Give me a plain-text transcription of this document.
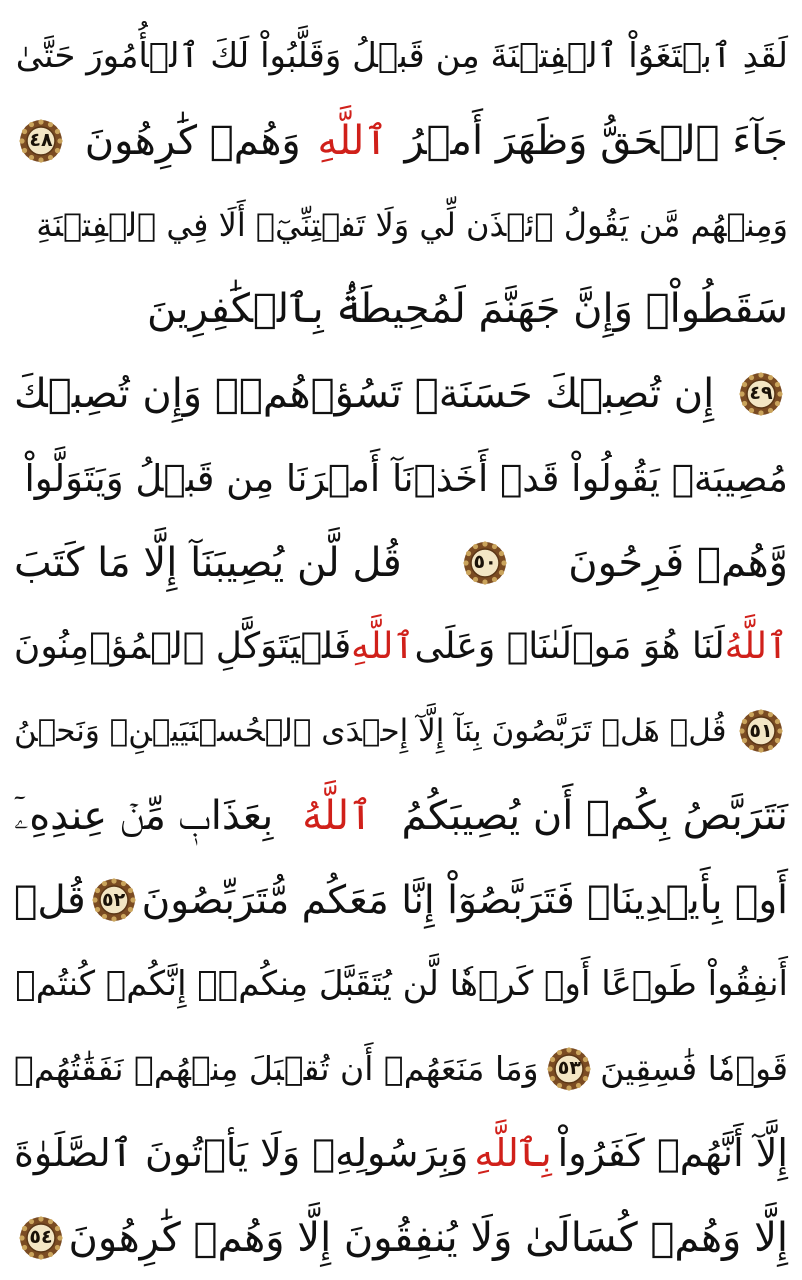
لَقَدِ ٱبۡتَغَوُاْ ٱلۡفِتۡنَةَ مِن قَبۡلُ وَقَلَّبُواْ لَكَ ٱلۡأُمُورَ حَتَّىٰ
جَآءَ ٱلۡحَقُّ وَظَهَرَ أَمۡرُ
ٱللَّهِ
وَهُمۡ كَٰرِهُونَ
٤٨
وَمِنۡهُم مَّن يَقُولُ ٱئۡذَن لِّي وَلَا تَفۡتِنِّيٓۚ أَلَا فِي ٱلۡفِتۡنَةِ
سَقَطُواْۗ وَإِنَّ جَهَنَّمَ لَمُحِيطَةُۢ بِٱلۡكَٰفِرِينَ
٤٩
إِن تُصِبۡكَ حَسَنَةٞ تَسُؤۡهُمۡۖ وَإِن تُصِبۡكَ
مُصِيبَةٞ يَقُولُواْ قَدۡ أَخَذۡنَآ أَمۡرَنَا مِن قَبۡلُ وَيَتَوَلَّواْ
وَّهُمۡ فَرِحُونَ
٥٠
قُل لَّن يُصِيبَنَآ إِلَّا مَا كَتَبَ
ٱللَّهُ
لَنَا هُوَ مَوۡلَىٰنَاۚ وَعَلَى
ٱللَّهِ
فَلۡيَتَوَكَّلِ ٱلۡمُؤۡمِنُونَ
٥١
قُلۡ هَلۡ تَرَبَّصُونَ بِنَآ إِلَّآ إِحۡدَى ٱلۡحُسۡنَيَيۡنِۖ وَنَحۡنُ
نَتَرَبَّصُ بِكُمۡ أَن يُصِيبَكُمُ
ٱللَّهُ
بِعَذَابٖ مِّنۡ عِندِهِۦٓ
أَوۡ بِأَيۡدِينَاۖ فَتَرَبَّصُوٓاْ إِنَّا مَعَكُم مُّتَرَبِّصُونَ
٥٢
قُلۡ
أَنفِقُواْ طَوۡعًا أَوۡ كَرۡهٗا لَّن يُتَقَبَّلَ مِنكُمۡۖ إِنَّكُمۡ كُنتُمۡ
قَوۡمٗا فَٰسِقِينَ
٥٣
وَمَا مَنَعَهُمۡ أَن تُقۡبَلَ مِنۡهُمۡ نَفَقَٰتُهُمۡ
إِلَّآ أَنَّهُمۡ كَفَرُواْ
بِٱللَّهِ
وَبِرَسُولِهِۦ وَلَا يَأۡتُونَ ٱلصَّلَوٰةَ
إِلَّا وَهُمۡ كُسَالَىٰ وَلَا يُنفِقُونَ إِلَّا وَهُمۡ كَٰرِهُونَ
٥٤
